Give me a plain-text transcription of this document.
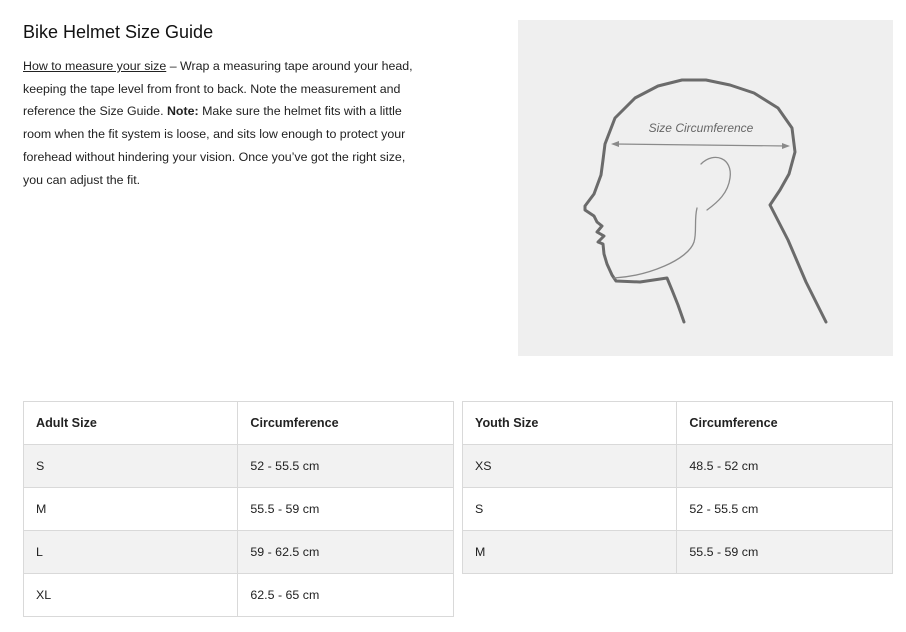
Bike Helmet Size Guide

How to measure your size – Wrap a measuring tape around your head, keeping the tape level from front to back. Note the measurement and reference the Size Guide. Note: Make sure the helmet fits with a little room when the fit system is loose, and sits low enough to protect your forehead without hindering your vision. Once you’ve got the right size, you can adjust the fit.

Size Circumference
Adult Size	Circumference
S	52 - 55.5 cm
M	55.5 - 59 cm
L	59 - 62.5 cm
XL	62.5 - 65 cm
Youth Size	Circumference
XS	48.5 - 52 cm
S	52 - 55.5 cm
M	55.5 - 59 cm
